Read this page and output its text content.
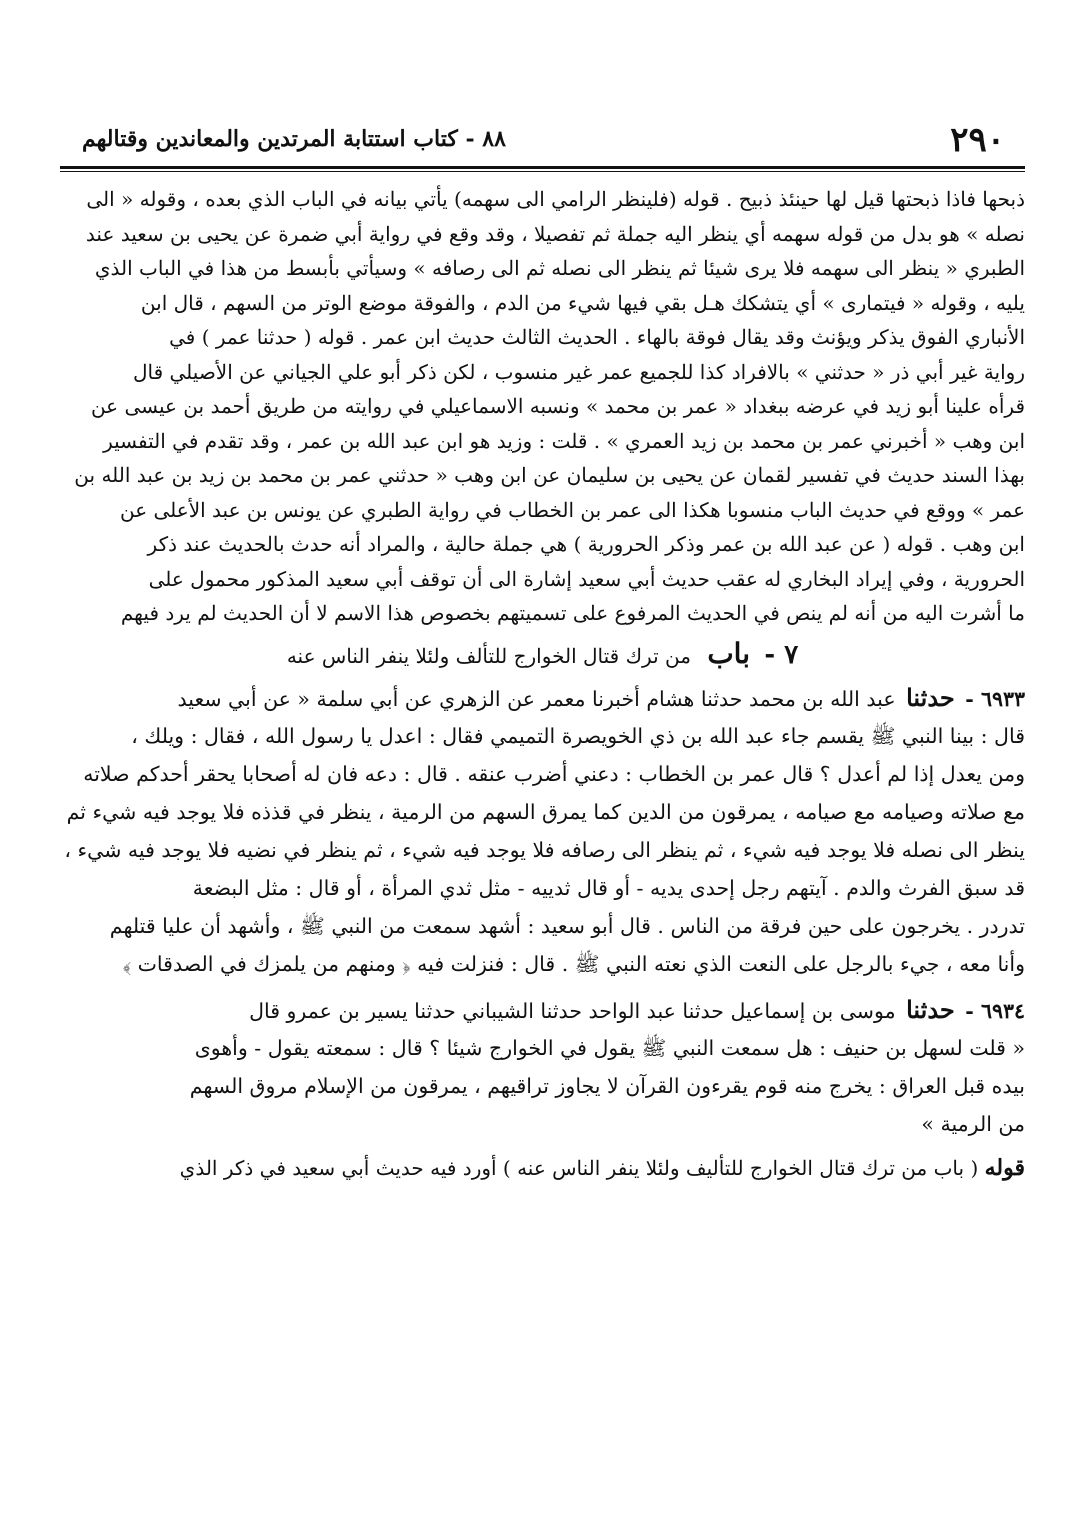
٢٩٠
٨٨ - كتاب استتابة المرتدين والمعاندين وقتالهم
ذبحها فاذا ذبحتها قيل لها حينئذ ذبيح . قوله (فلينظر الرامي الى سهمه) يأتي بيانه في الباب الذي بعده ، وقوله « الى
نصله » هو بدل من قوله سهمه أي ينظر اليه جملة ثم تفصيلا ، وقد وقع في رواية أبي ضمرة عن يحيى بن سعيد عند
الطبري « ينظر الى سهمه فلا يرى شيئا ثم ينظر الى نصله ثم الى رصافه » وسيأتي بأبسط من هذا في الباب الذي
يليه ، وقوله « فيتمارى » أي يتشكك هـل بقي فيها شيء من الدم ، والفوقة موضع الوتر من السهم ، قال ابن
الأنباري الفوق يذكر ويؤنث وقد يقال فوقة بالهاء . الحديث الثالث حديث ابن عمر . قوله ( حدثنا عمر ) في
رواية غير أبي ذر « حدثني » بالافراد كذا للجميع عمر غير منسوب ، لكن ذكر أبو علي الجياني عن الأصيلي قال
قرأه علينا أبو زيد في عرضه ببغداد « عمر بن محمد » ونسبه الاسماعيلي في روايته من طريق أحمد بن عيسى عن
ابن وهب « أخبرني عمر بن محمد بن زيد العمري » . قلت : وزيد هو ابن عبد الله بن عمر ، وقد تقدم في التفسير
بهذا السند حديث في تفسير لقمان عن يحيى بن سليمان عن ابن وهب « حدثني عمر بن محمد بن زيد بن عبد الله بن
عمر » ووقع في حديث الباب منسوبا هكذا الى عمر بن الخطاب في رواية الطبري عن يونس بن عبد الأعلى عن
ابن وهب . قوله ( عن عبد الله بن عمر وذكر الحرورية ) هي جملة حالية ، والمراد أنه حدث بالحديث عند ذكر
الحرورية ، وفي إيراد البخاري له عقب حديث أبي سعيد إشارة الى أن توقف أبي سعيد المذكور محمول على
ما أشرت اليه من أنه لم ينص في الحديث المرفوع على تسميتهم بخصوص هذا الاسم لا أن الحديث لم يرد فيهم
٧ - باب من ترك قتال الخوارج للتألف ولئلا ينفر الناس عنه
٦٩٣٣ - حدثنا عبد الله بن محمد حدثنا هشام أخبرنا معمر عن الزهري عن أبي سلمة « عن أبي سعيد
قال : بينا النبي ﷺ يقسم جاء عبد الله بن ذي الخويصرة التميمي فقال : اعدل يا رسول الله ، فقال : ويلك ،
ومن يعدل إذا لم أعدل ؟ قال عمر بن الخطاب : دعني أضرب عنقه . قال : دعه فان له أصحابا يحقر أحدكم صلاته
مع صلاته وصيامه مع صيامه ، يمرقون من الدين كما يمرق السهم من الرمية ، ينظر في قذذه فلا يوجد فيه شيء ثم
ينظر الى نصله فلا يوجد فيه شيء ، ثم ينظر الى رصافه فلا يوجد فيه شيء ، ثم ينظر في نضيه فلا يوجد فيه شيء ،
قد سبق الفرث والدم . آيتهم رجل إحدى يديه - أو قال ثدييه - مثل ثدي المرأة ، أو قال : مثل البضعة
تدردر . يخرجون على حين فرقة من الناس . قال أبو سعيد : أشهد سمعت من النبي ﷺ ، وأشهد أن عليا قتلهم
وأنا معه ، جيء بالرجل على النعت الذي نعته النبي ﷺ . قال : فنزلت فيه ﴿ ومنهم من يلمزك في الصدقات ﴾
٦٩٣٤ - حدثنا موسى بن إسماعيل حدثنا عبد الواحد حدثنا الشيباني حدثنا يسير بن عمرو قال
« قلت لسهل بن حنيف : هل سمعت النبي ﷺ يقول في الخوارج شيئا ؟ قال : سمعته يقول - وأهوى
بيده قبل العراق : يخرج منه قوم يقرءون القرآن لا يجاوز تراقيهم ، يمرقون من الإسلام مروق السهم
من الرمية »
قوله ( باب من ترك قتال الخوارج للتأليف ولئلا ينفر الناس عنه ) أورد فيه حديث أبي سعيد في ذكر الذي
